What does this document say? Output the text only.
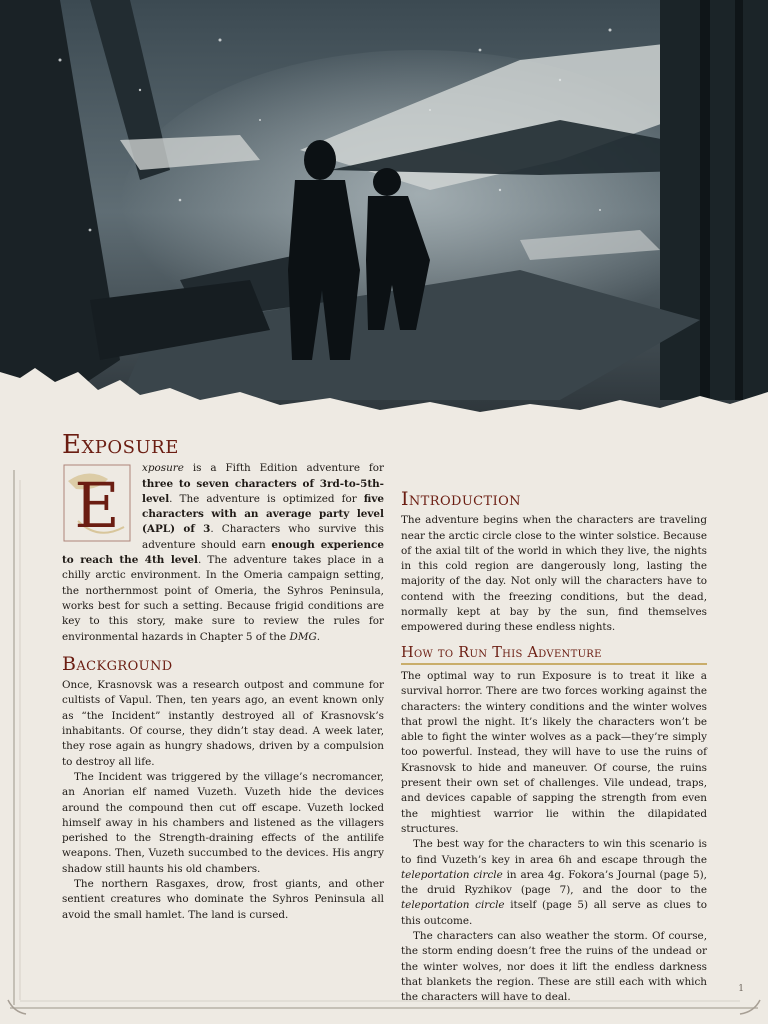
Exposure
E

xposure is a Fifth Edition adventure for three to seven characters of 3rd-to-5th-level. The adventure is optimized for five characters with an average party level (APL) of 3. Characters who survive this adventure should earn enough experience to reach the 4th level. The adventure takes place in a chilly arctic environment. In the Omeria campaign setting, the northernmost point of Omeria, the Syhros Peninsula, works best for such a setting. Because frigid conditions are key to this story, make sure to review the rules for environmental hazards in Chapter 5 of the DMG.

Background

Once, Krasnovsk was a research outpost and commune for cultists of Vapul. Then, ten years ago, an event known only as “the Incident” instantly destroyed all of Krasnovsk’s inhabitants. Of course, they didn’t stay dead. A week later, they rose again as hungry shadows, driven by a compulsion to destroy all life.

The Incident was triggered by the village’s necromancer, an Anorian elf named Vuzeth. Vuzeth hide the devices around the compound then cut off escape. Vuzeth locked himself away in his chambers and listened as the villagers perished to the Strength-draining effects of the antilife weapons. Then, Vuzeth succumbed to the devices. His angry shadow still haunts his old chambers.

The northern Rasgaxes, drow, frost giants, and other sentient creatures who dominate the Syhros Peninsula all avoid the small hamlet. The land is cursed.

Introduction

The adventure begins when the characters are traveling near the arctic circle close to the winter solstice. Because of the axial tilt of the world in which they live, the nights in this cold region are dangerously long, lasting the majority of the day. Not only will the characters have to contend with the freezing conditions, but the dead, normally kept at bay by the sun, find themselves empowered during these endless nights.

How to Run This Adventure

The optimal way to run Exposure is to treat it like a survival horror. There are two forces working against the characters: the wintery conditions and the winter wolves that prowl the night. It’s likely the characters won’t be able to fight the winter wolves as a pack—they’re simply too powerful. Instead, they will have to use the ruins of Krasnovsk to hide and maneuver. Of course, the ruins present their own set of challenges. Vile undead, traps, and devices capable of sapping the strength from even the mightiest warrior lie within the dilapidated structures.

The best way for the characters to win this scenario is to find Vuzeth’s key in area 6h and escape through the teleportation circle in area 4g. Fokora’s Journal (page 5), the druid Ryzhikov (page 7), and the door to the teleportation circle itself (page 5) all serve as clues to this outcome.

The characters can also weather the storm. Of course, the storm ending doesn’t free the ruins of the undead or the winter wolves, nor does it lift the endless darkness that blankets the region. These are still each with which the characters will have to deal.

1
